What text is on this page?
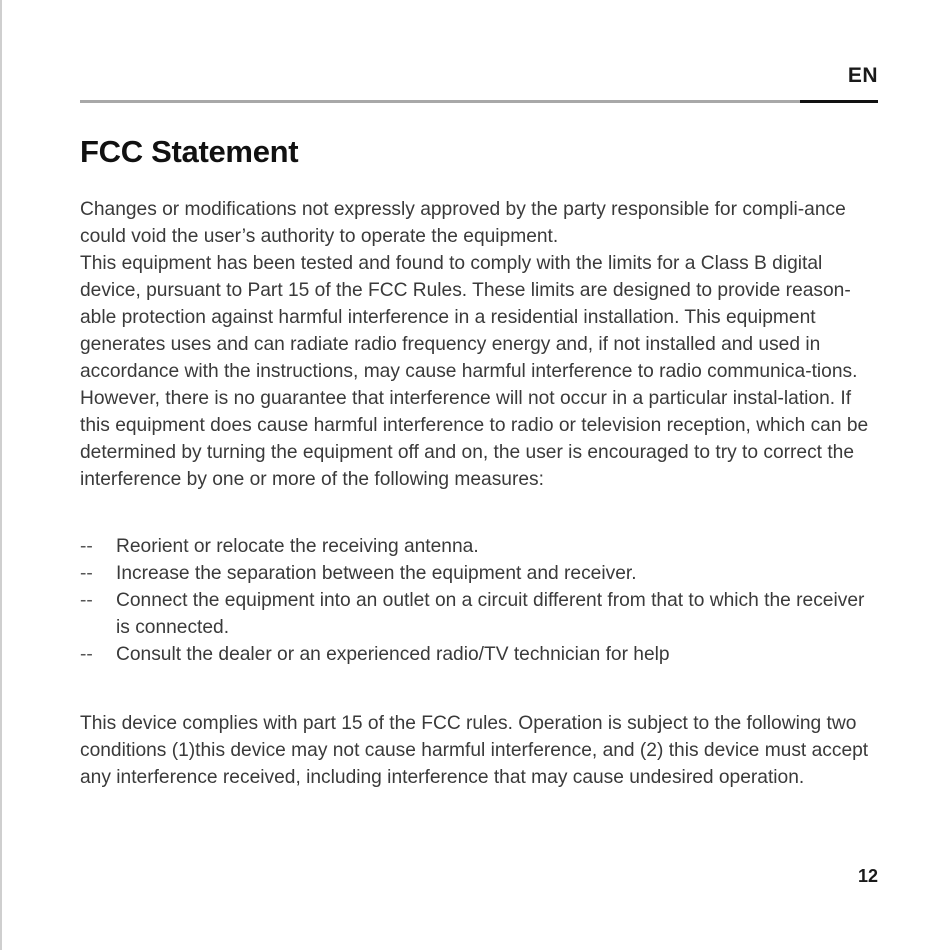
EN
FCC Statement

Changes or modifications not expressly approved by the party responsible for compli-ance could void the user’s authority to operate the equipment.

This equipment has been tested and found to comply with the limits for a Class B digital device, pursuant to Part 15 of the FCC Rules. These limits are designed to provide reason-able protection against harmful interference in a residential installation. This equipment generates uses and can radiate radio frequency energy and, if not installed and used in accordance with the instructions, may cause harmful interference to radio communica-tions. However, there is no guarantee that interference will not occur in a particular instal-lation. If this equipment does cause harmful interference to radio or television reception, which can be determined by turning the equipment off and on, the user is encouraged to try to correct the interference by one or more of the following measures:

-- Reorient or relocate the receiving antenna.
-- Increase the separation between the equipment and receiver.
-- Connect the equipment into an outlet on a circuit different from that to which the receiver is connected.
-- Consult the dealer or an experienced radio/TV technician for help

This device complies with part 15 of the FCC rules. Operation is subject to the following two conditions (1)this device may not cause harmful interference, and (2) this device must accept any interference received, including interference that may cause undesired operation.

12
